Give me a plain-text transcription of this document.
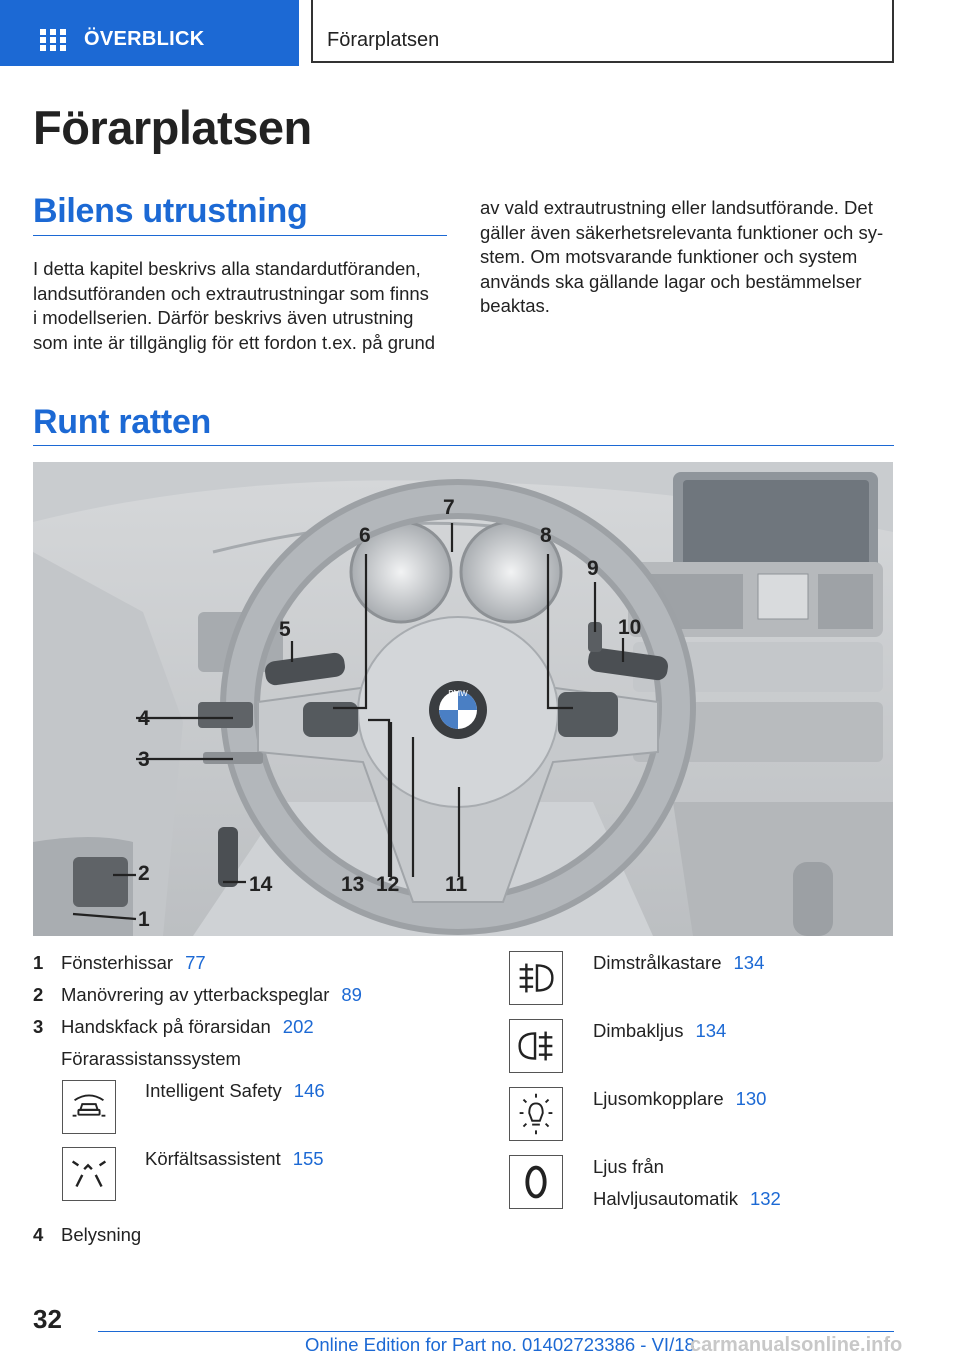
ÖVERBLICK	Förarplatsen
Förarplatsen
Bilens utrustning
I detta kapitel beskrivs alla standardutföranden,
landsutföranden och extrautrustningar som finns
i modellserien. Därför beskrivs även utrustning
som inte är tillgänglig för ett fordon t.ex. på grund
av vald extrautrustning eller landsutförande. Det
gäller även säkerhetsrelevanta funktioner och sy‐
stem. Om motsvarande funktioner och system
används ska gällande lagar och bestämmelser
beaktas.
Runt ratten
BMW
1
2
3
4
5
6
7
8
9
10
11
12
13
14
1 Fönsterhissar 77
2 Manövrering av ytterbackspeglar 89
3 Handskfack på förarsidan 202
Förarassistanssystem
Intelligent Safety 146
Körfältsassistent 155
4 Belysning
Dimstrålkastare 134
Dimbakljus 134
Ljusomkopplare 130
Ljus från
Halvljusautomatik 132
32
Online Edition for Part no. 01402723386 - VI/18
carmanualsonline.info
